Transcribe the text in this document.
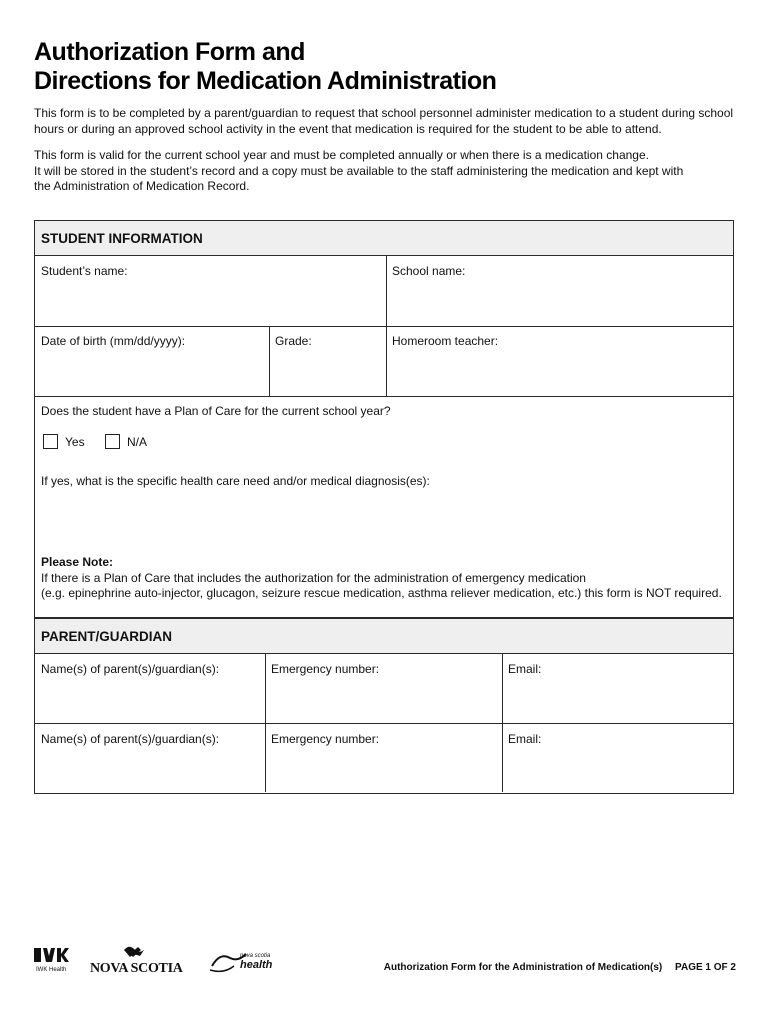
Authorization Form and
Directions for Medication Administration
This form is to be completed by a parent/guardian to request that school personnel administer medication to a student during school hours or during an approved school activity in the event that medication is required for the student to be able to attend.
This form is valid for the current school year and must be completed annually or when there is a medication change.
It will be stored in the student’s record and a copy must be available to the staff administering the medication and kept with
the Administration of Medication Record.
STUDENT INFORMATION
Student’s name:	School name:
Date of birth (mm/dd/yyyy):	Grade:	Homeroom teacher:
Does the student have a Plan of Care for the current school year?
Yes	N/A
If yes, what is the specific health care need and/or medical diagnosis(es):
Please Note:
If there is a Plan of Care that includes the authorization for the administration of emergency medication
(e.g. epinephrine auto-injector, glucagon, seizure rescue medication, asthma reliever medication, etc.) this form is NOT required.
PARENT/GUARDIAN
Name(s) of parent(s)/guardian(s):	Emergency number:	Email:
Name(s) of parent(s)/guardian(s):	Emergency number:	Email:
IWK Health NOVA SCOTIA
nova scotia
health	Authorization Form for the Administration of Medication(s) PAGE 1 OF 2
